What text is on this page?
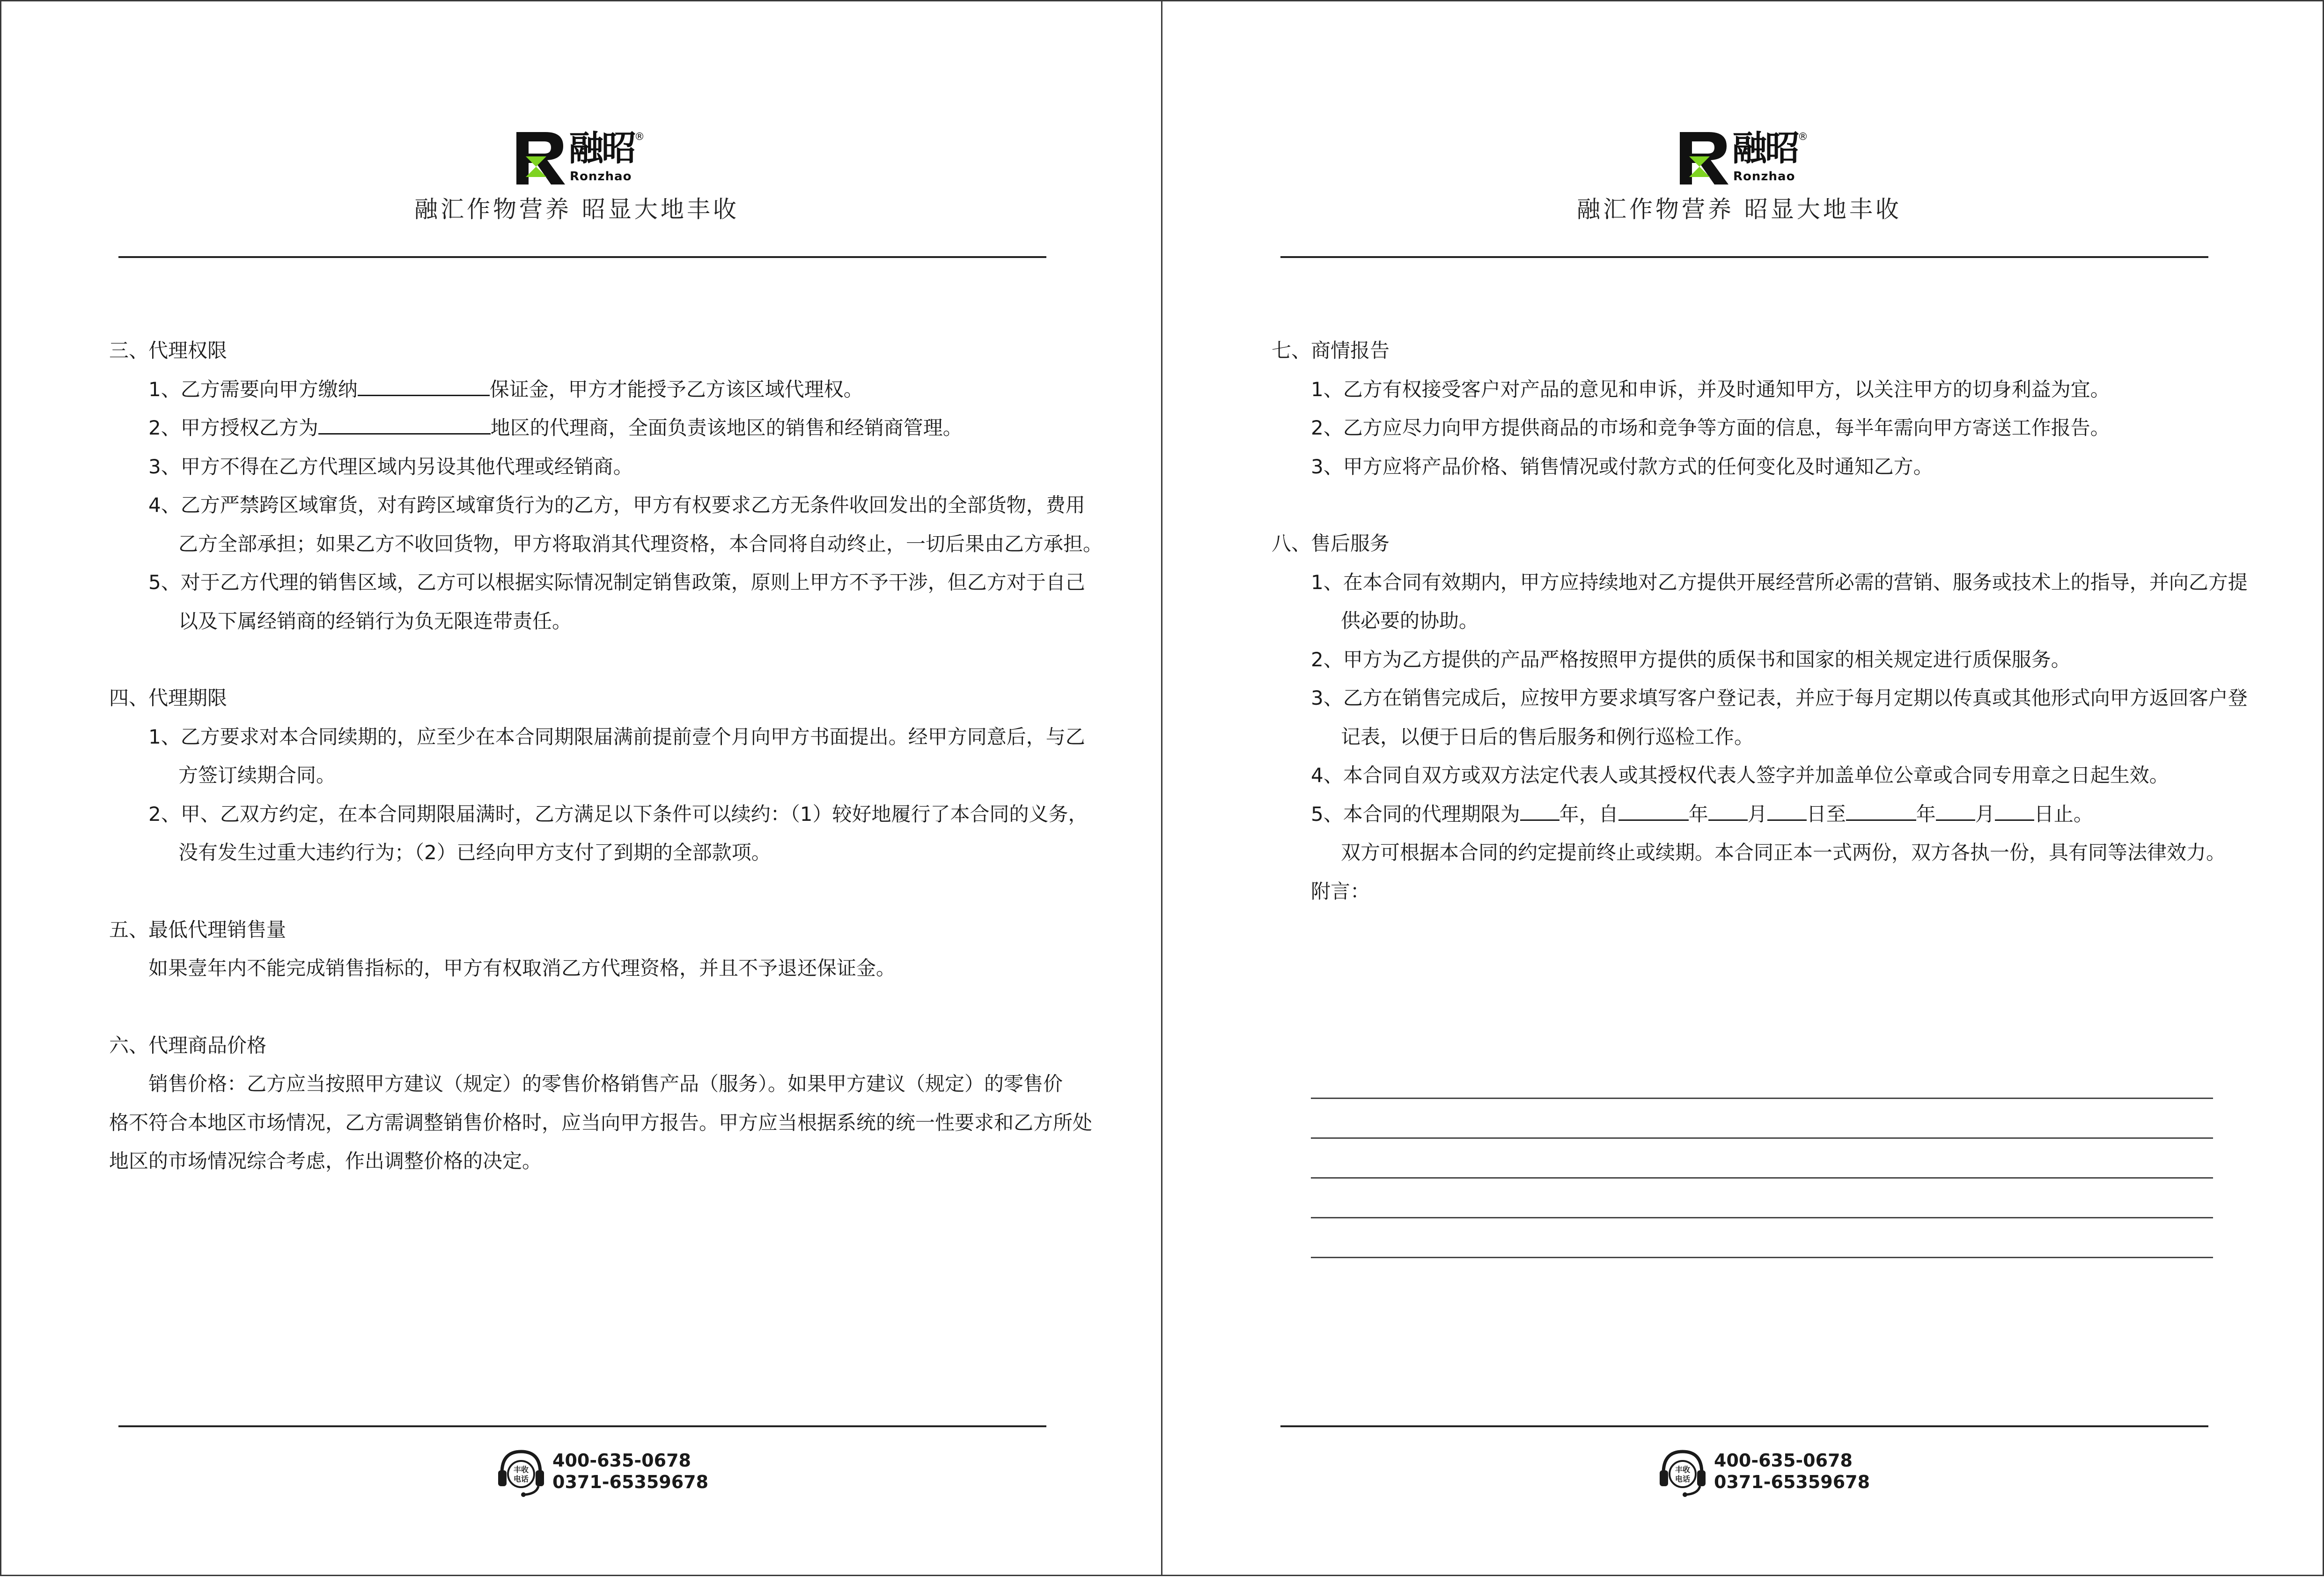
融昭 ®
Ronzhao
融汇作物营养 昭显大地丰收
三、代理权限
1、乙方需要向甲方缴纳	保证金，甲方才能授予乙方该区域代理权。
2、甲方授权乙方为	地区的代理商，全面负责该地区的销售和经销商管理。
3、甲方不得在乙方代理区域内另设其他代理或经销商。
4、乙方严禁跨区域窜货，对有跨区域窜货行为的乙方，甲方有权要求乙方无条件收回发出的全部货物，费用
乙方全部承担；如果乙方不收回货物，甲方将取消其代理资格，本合同将自动终止，一切后果由乙方承担。
5、对于乙方代理的销售区域，乙方可以根据实际情况制定销售政策，原则上甲方不予干涉，但乙方对于自己
以及下属经销商的经销行为负无限连带责任。
四、代理期限
1、乙方要求对本合同续期的，应至少在本合同期限届满前提前壹个月向甲方书面提出。经甲方同意后，与乙
方签订续期合同。
2、甲、乙双方约定，在本合同期限届满时，乙方满足以下条件可以续约：（1）较好地履行了本合同的义务，
没有发生过重大违约行为；（2）已经向甲方支付了到期的全部款项。
五、最低代理销售量
如果壹年内不能完成销售指标的，甲方有权取消乙方代理资格，并且不予退还保证金。
六、代理商品价格
销售价格：乙方应当按照甲方建议（规定）的零售价格销售产品（服务）。如果甲方建议（规定）的零售价
格不符合本地区市场情况，乙方需调整销售价格时，应当向甲方报告。甲方应当根据系统的统一性要求和乙方所处
地区的市场情况综合考虑，作出调整价格的决定。
丰收
电话
400-635-0678
0371-65359678
融昭 ®
Ronzhao
融汇作物营养 昭显大地丰收
七、商情报告
1、乙方有权接受客户对产品的意见和申诉，并及时通知甲方，以关注甲方的切身利益为宜。
2、乙方应尽力向甲方提供商品的市场和竞争等方面的信息，每半年需向甲方寄送工作报告。
3、甲方应将产品价格、销售情况或付款方式的任何变化及时通知乙方。
八、售后服务
1、在本合同有效期内，甲方应持续地对乙方提供开展经营所必需的营销、服务或技术上的指导，并向乙方提
供必要的协助。
2、甲方为乙方提供的产品严格按照甲方提供的质保书和国家的相关规定进行质保服务。
3、乙方在销售完成后，应按甲方要求填写客户登记表，并应于每月定期以传真或其他形式向甲方返回客户登
记表，以便于日后的售后服务和例行巡检工作。
4、本合同自双方或双方法定代表人或其授权代表人签字并加盖单位公章或合同专用章之日起生效。
5、本合同的代理期限为 年，自	年 月 日至	年 月 日止。
双方可根据本合同的约定提前终止或续期。本合同正本一式两份，双方各执一份，具有同等法律效力。
附言：
丰收
电话
400-635-0678
0371-65359678
